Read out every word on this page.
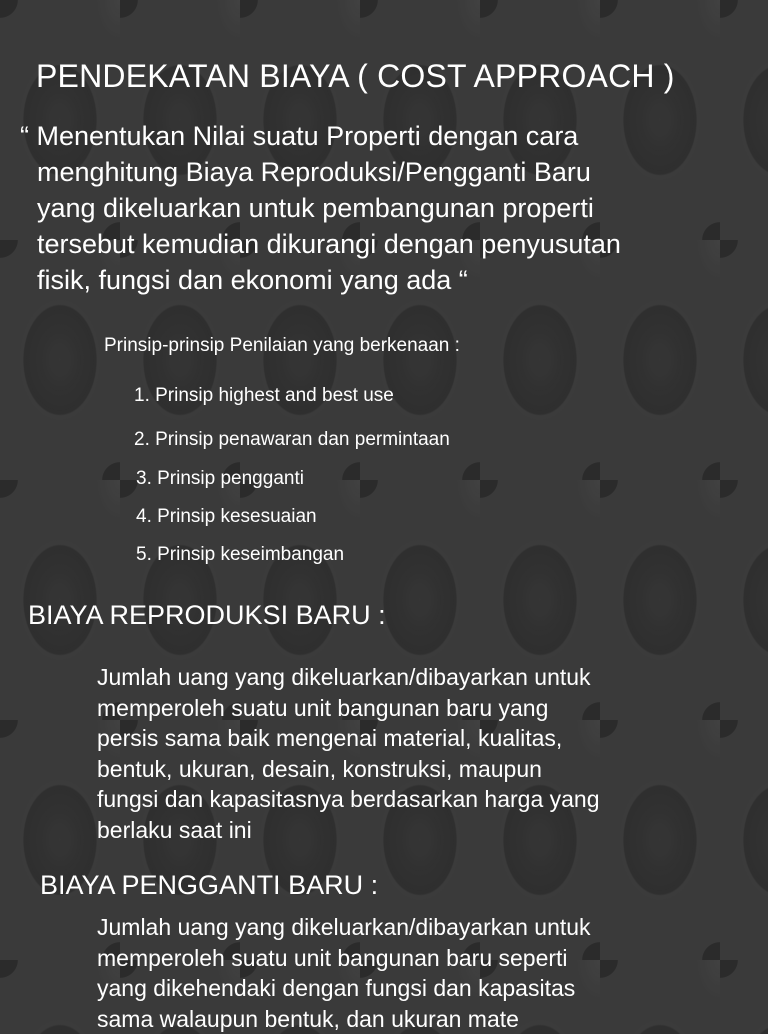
PENDEKATAN BIAYA ( COST APPROACH )

“ Menentukan Nilai suatu Properti dengan cara
menghitung Biaya Reproduksi/Pengganti Baru
yang dikeluarkan untuk pembangunan properti
tersebut kemudian dikurangi dengan penyusutan
fisik, fungsi dan ekonomi yang ada “

Prinsip-prinsip Penilaian yang berkenaan :
1. Prinsip highest and best use
2. Prinsip penawaran dan permintaan
3. Prinsip pengganti
4. Prinsip kesesuaian
5. Prinsip keseimbangan
BIAYA REPRODUKSI BARU :
Jumlah uang yang dikeluarkan/dibayarkan untuk
memperoleh suatu unit bangunan baru yang
persis sama baik mengenai material, kualitas,
bentuk, ukuran, desain, konstruksi, maupun
fungsi dan kapasitasnya berdasarkan harga yang
berlaku saat ini
BIAYA PENGGANTI BARU :
Jumlah uang yang dikeluarkan/dibayarkan untuk
memperoleh suatu unit bangunan baru seperti
yang dikehendaki dengan fungsi dan kapasitas
sama walaupun bentuk, dan ukuran mate
